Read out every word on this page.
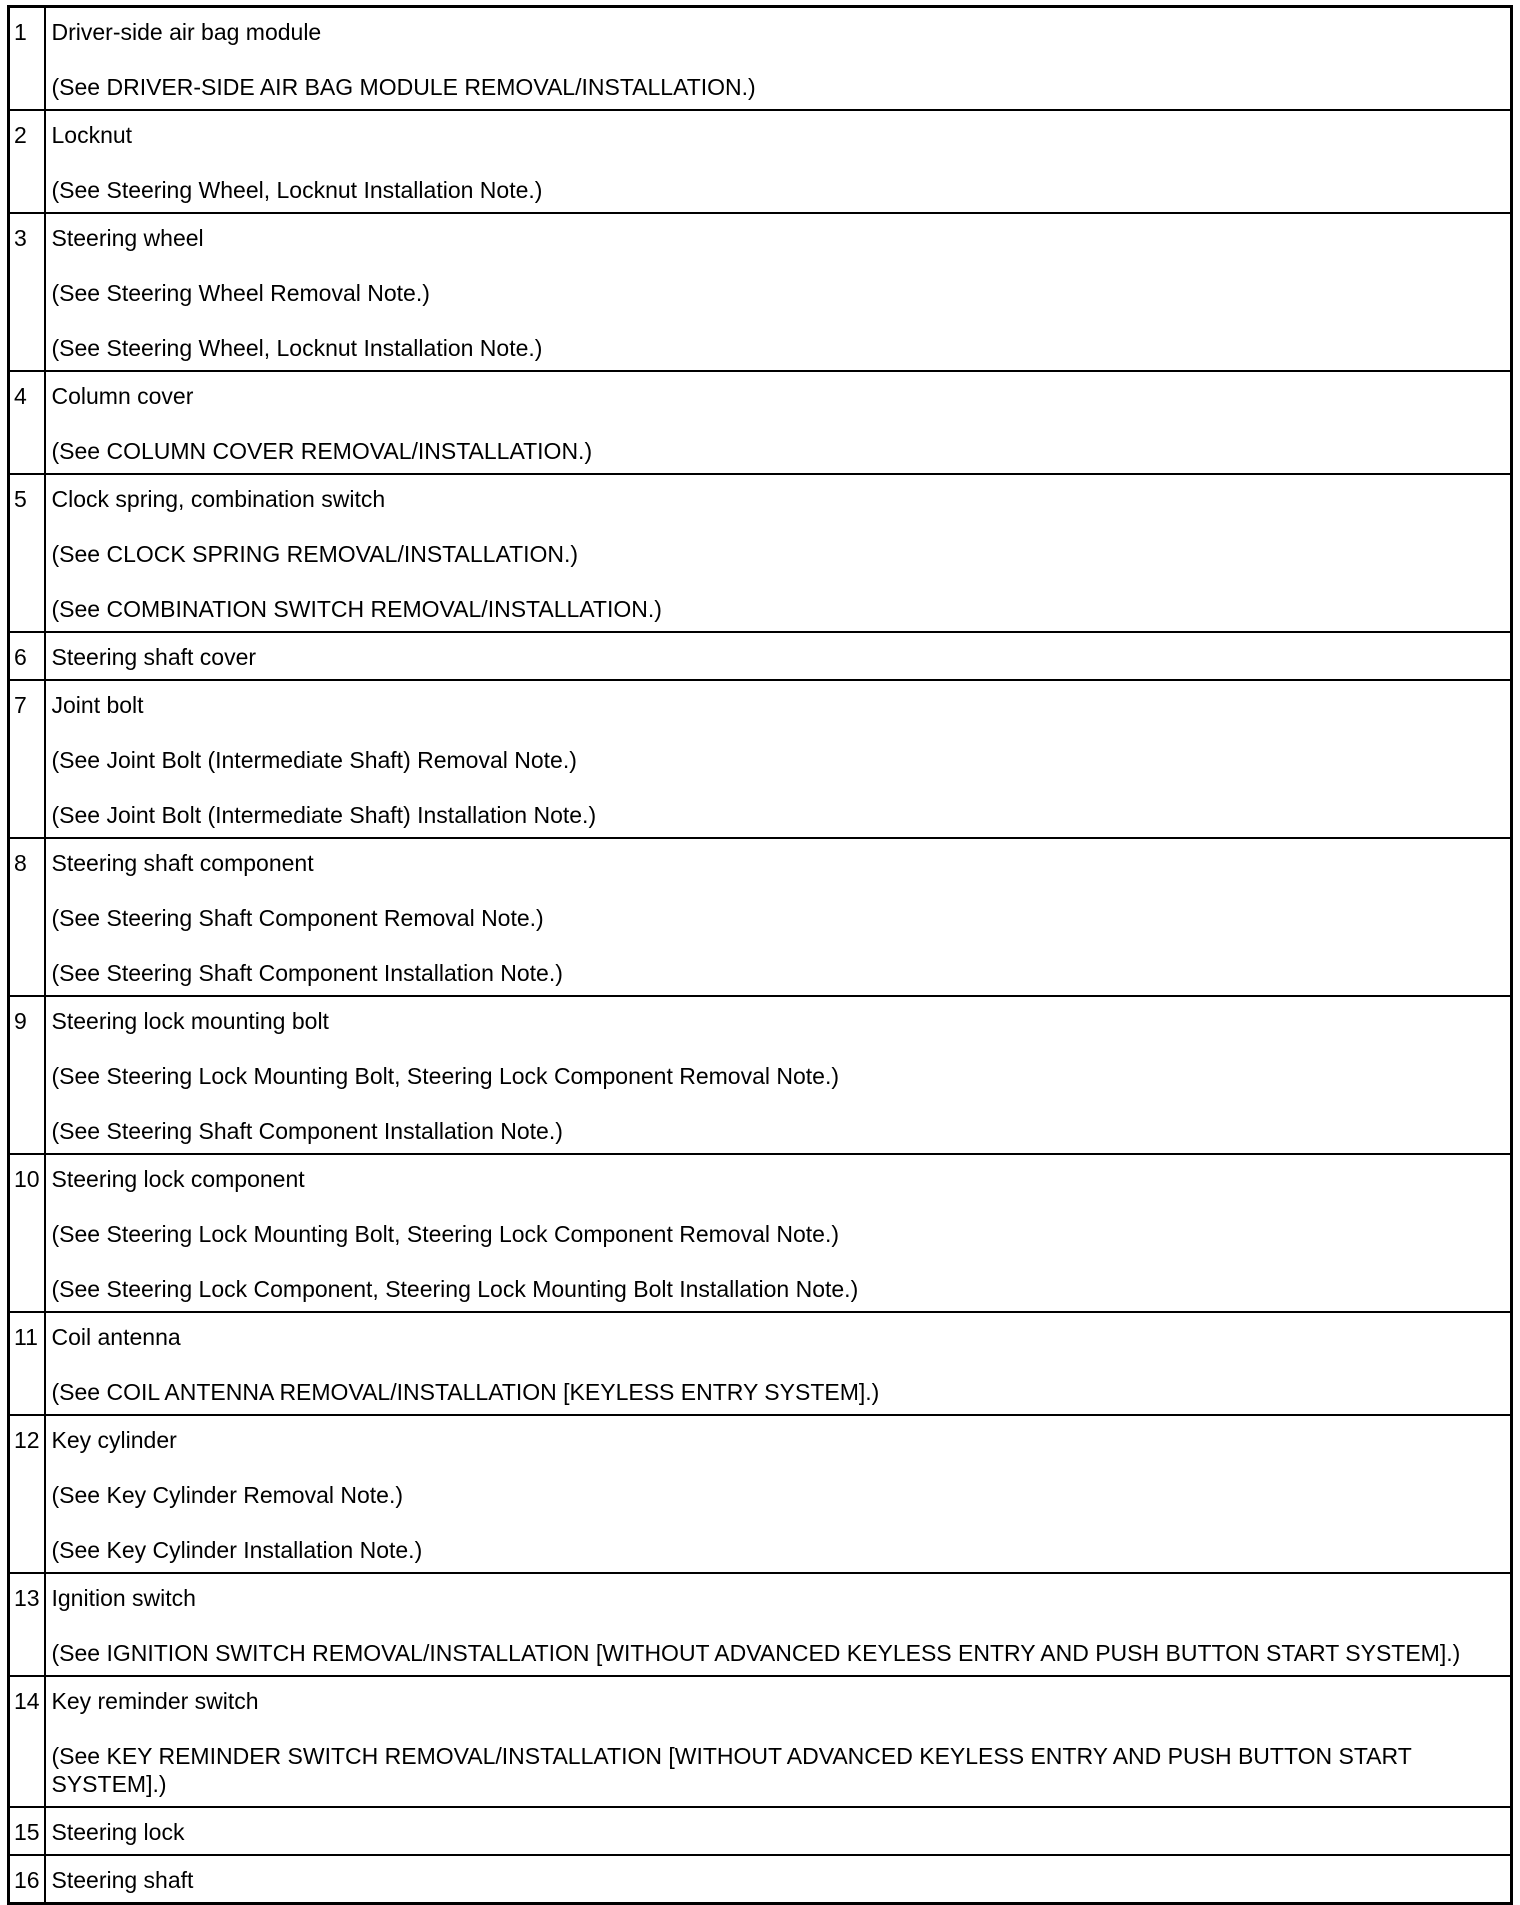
1	Driver-side air bag module
(See DRIVER-SIDE AIR BAG MODULE REMOVAL/INSTALLATION.)

2	Locknut
(See Steering Wheel, Locknut Installation Note.)

3	Steering wheel
(See Steering Wheel Removal Note.)
(See Steering Wheel, Locknut Installation Note.)

4	Column cover
(See COLUMN COVER REMOVAL/INSTALLATION.)

5	Clock spring, combination switch
(See CLOCK SPRING REMOVAL/INSTALLATION.)
(See COMBINATION SWITCH REMOVAL/INSTALLATION.)

6	Steering shaft cover

7	Joint bolt
(See Joint Bolt (Intermediate Shaft) Removal Note.)
(See Joint Bolt (Intermediate Shaft) Installation Note.)

8	Steering shaft component
(See Steering Shaft Component Removal Note.)
(See Steering Shaft Component Installation Note.)

9	Steering lock mounting bolt
(See Steering Lock Mounting Bolt, Steering Lock Component Removal Note.)
(See Steering Shaft Component Installation Note.)

10	Steering lock component
(See Steering Lock Mounting Bolt, Steering Lock Component Removal Note.)
(See Steering Lock Component, Steering Lock Mounting Bolt Installation Note.)

11	Coil antenna
(See COIL ANTENNA REMOVAL/INSTALLATION [KEYLESS ENTRY SYSTEM].)

12	Key cylinder
(See Key Cylinder Removal Note.)
(See Key Cylinder Installation Note.)

13	Ignition switch
(See IGNITION SWITCH REMOVAL/INSTALLATION [WITHOUT ADVANCED KEYLESS ENTRY AND PUSH BUTTON START SYSTEM].)

14	Key reminder switch
(See KEY REMINDER SWITCH REMOVAL/INSTALLATION [WITHOUT ADVANCED KEYLESS ENTRY AND PUSH BUTTON START SYSTEM].)

15	Steering lock

16	Steering shaft
